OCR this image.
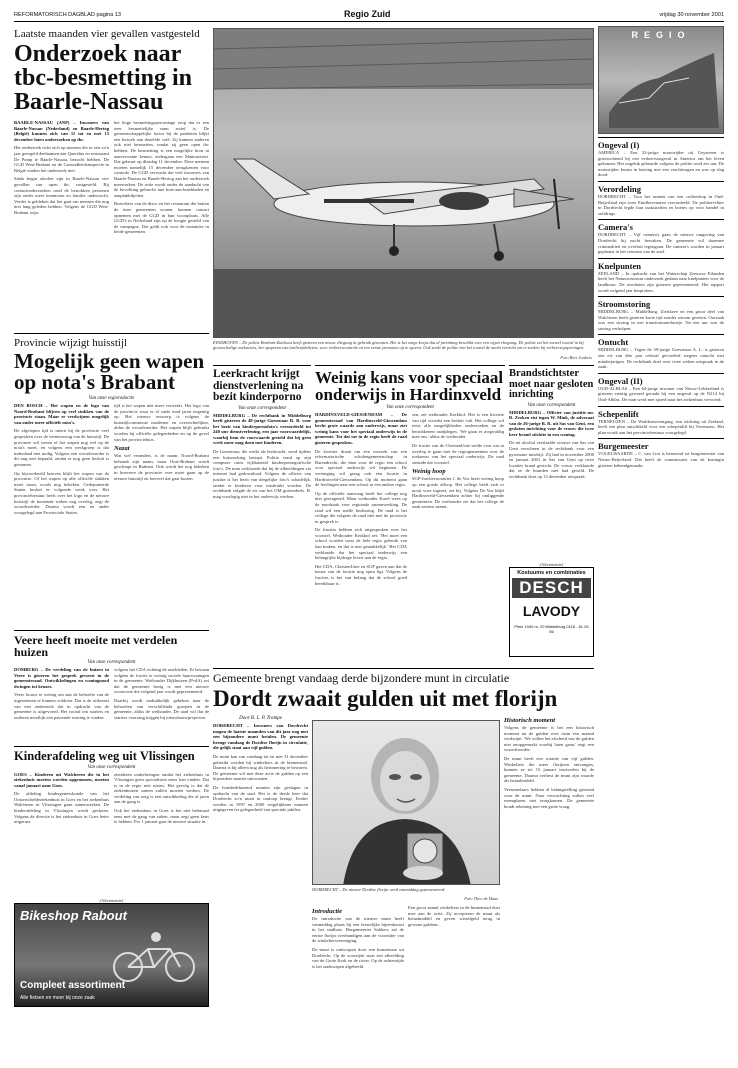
REFORMATORISCH DAGBLAD pagina 13	Regio Zuid	vrijdag 30 november 2001
Laatste maanden vier gevallen vastgesteld
Onderzoek naar tbc-besmetting in Baarle-Nassau

BAARLE-NASSAU (ANP) – Inwoners van Baarle-Nassau (Nederland) en Baarle-Hertog (België) kunnen zich van 11 tot en met 15 december laten onderzoeken op tbc.

Het onderzoek richt zich op mensen die in een zo'n jaar geregeld deelnamen aan Queridas en restaurant De Pomp te Baarle-Nassau, bezocht hebben. De GGD West-Brabant en de Gezondheidsinspectie in België vinden het onderzoek niet.

Sinds begin oktober zijn in Baarle-Nassau vier gevallen van open tbc vastgesteld. Bij contactonderzoeken rond de betrokken personen zijn onder meer kennissen en familie onderzocht. Verder is gebleken dat het gaat om mensen die nog niet lang geleden hebben. Volgens de GGD West-Brabant wijst

het hoge besmettingspercentage erop dat er een zeer besmettelijke stam actief is. De gemeenschappelijke factor bij de patiënten blijkt een bezoek aan dezelfde café. Zij kunnen anderen ook niet besmetten, omdat zij geen open tbc hebben. De besmetting is een mogelijke bron in aanverwante kennis, ondergaan een Mantouxtest. Dat gebeurt op dinsdag 11 december. Deze mensen moeten namelijk 15 december terugkomen voor controle. De GGD verwacht dat veel inwoners van Baarle-Nassau en Baarle-Hertog aan het onderzoek meewerken. De actie wordt onder de aandacht van de bevolking gebracht met huis-aan-huisbladen en aanplakbiljetten.

Bezoekers van de disco en het restaurant die buiten de twee gemeenten wonen, kunnen contact opnemen met de GGD in hun woonplaats. Alle GGD's in Nederland zijn op de hoogte gesteld van de campagne. Dat geldt ook voor de instanties in beide gemeenten.

EINDHOVEN – De politie Brabant-Zuidoost heeft gisteren een nieuw vliegtuig in gebruik genomen. Het is het enige korps dat al jarenlang beschikt over een eigen vliegtuig. De politie zet het toestel vooral in bij grootschalige zoekacties, het opsporen van (milieu)delicten, voor verkeerscontrole en ten eerste personen op te sporen. Ook zoekt de politie met het toestel de nacht verricht om te zoeken bij verkeersopsporingen.

Foto Bert Jonkers
Provincie wijzigt huisstijl
Mogelijk geen wapen op nota's Brabant
Van onze regioredactie

DEN BOSCH – Het wapen en de logo van Noord-Brabant blijven op veel stukken van de provincie staan. Maar er verdwijnen mogelijk van onder meer officiële nota's.

De afgelopen tijd is intern bij de provincie veel gesproken over de vernieuwing van de huisstijl. De provincie wil weten of het wapen nog wel op de nota's moet, en volgens een werkgroep is dat inderdaad niet nodig. Volgens een woordvoerder is dit nog niet bepaald, omdat er nog geen besluit is genomen.

Op bijvoorbeeld brieven blijft het wapen van de provincie. Of het wapen op alle officiële stukken moet staan, wordt nog bekeken. Gedeputeerde Staten besluit er volgende week over. Het provinciebestuur heeft over het logo en de nieuwe huisstijl de komende weken nog overleg, zegt de woordvoerder. Daarna wordt een en ander voorgelegd aan Provinciale Staten.

tijd is het wapen niet meer verwerkt. Het logo van de provincie staat er al sinds eind jaren negentig op. Het nieuwe ontwerp is volgens de huisstijlcommissie moderner en overzichtelijker, aldus de woordvoerder. Het wapen blijft gebruikt worden bij officiële gelegenheden en op de gevel van het provinciehuis.

Nazat

Wat wel verandert, is de naam. Noord-Brabant behoudt zijn naam, maar Oost-Brabant wordt geschrapt in Brabant. Ook wordt het nog bekeken in hoeverre de provincie over moet gaan op de nieuwe huisstijl en hoeveel dat gaat kosten.

Leerkracht krijgt dienstverlening na bezit kinderporno
Van onze correspondent

MIDDELBURG – De rechtbank in Middelburg heeft gisteren de 48-jarige Goesenaar R. B. voor het bezit van kinderpornofoto's veroordeeld tot 240 uur dienstverlening, een jaar voorwaardelijk, waarbij hem de voorwaarde gesteld dat hij geen werk meer mag doen met kinderen.

De Goesenaar, die werkt als leerkracht, werd tijdens een huiszoeking betrapt. Politie vond op zijn computer ruim vijfduizend kinderpornografische foto's. De man verklaarde dat hij de afbeeldingen via internet had gedownload. Volgens de officier van justitie is het bezit van dergelijke foto's schadelijk, omdat er kinderen voor misbruikt worden. De rechtbank volgde de eis van het OM grotendeels. B. mag voorlopig niet in het onderwijs werken.

Weinig kans voor speciaal onderwijs in Hardinxveld
Van onze correspondent

HARDINXVELD-GIESSENDAM – De gemeenteraad van Hardinxveld-Giessendam hecht grote waarde aan onderwijs, maar ziet weinig kans voor het speciaal onderwijs in de gemeente. Tot dat toe in de regio heeft de raad gisteren gesproken.

De kwestie draait om een verzoek van een reformatorische scholengemeenschap in Barendrecht, die daar voor de regio een school voor speciaal onderwijs wil beginnen. De vereniging wil graag ook een locatie in Hardinxveld-Giessendam. Op dit moment gaan de leerlingen naar een school in een andere regio.

Op de officiële aanvraag heeft het college nog niet gereageerd. Maar wethouder Karel wees op de noodzaak voor regionale samenwerking. De raad wil een snelle beslissing. De raad is het college die volgens de raad niet met de provincie in gesprek is.

De fracties hebben zich uitgesproken over het voorstel. Wethouder Kerkhof zei: 'Het moet een school worden waar de hele regio gebruik van kan maken, en dat is niet gemakkelijk.' Het CDA verklaarde dat het speciaal onderwijs een belangrijke bijdrage levert aan de regio.

Het CDA, ChristenUnie en SGP gaven aan dat de keuze van de locatie nog open ligt. Volgens de fracties is het van belang dat de school goed bereikbaar is.

sen, zei wethouder Kerkhof. Het is een kwestie van tijd voordat een besluit valt. Het college wil eerst alle mogelijkheden onderzoeken en de betrokkenen raadplegen. 'We gaan er zorgvuldig mee om,' aldus de wethouder.

De fractie van de ChristenUnie stelde voor om in overleg te gaan met de regiogemeenten over de toekomst van het speciaal onderwijs. De raad steunde dat voorstel.

Weinig hoop

SGP-fractievoorzitter J. de Vos heeft weinig hoop op een goede afloop. Het college heeft zich er nooit voor ingezet, zei hij. Volgens De Vos blijft Hardinxveld-Giessendam achter bij omliggende gemeenten. De wethouder zei dat het college de zaak serieus neemt.

Brandstichtster moet naar gesloten inrichting
Van onze correspondent

MIDDELBURG – Officier van justitie mr. R. Zeeken eist tegen W. Mink, de advocaat van de 26-jarige B. R. uit Sas van Gent, een gesloten inrichting voor de vrouw die twee keer brand stichtte in een woning.

De uit alcohol verslaafde vrouwe van Sas van Gent verscheen in de rechtbank voor een pyromane misdrijf. Zij had in november 2000 en januari 2001 in Sas van Gent op twee locaties brand gesticht. De vrouw verklaarde dat ze de branden niet had gewild. De rechtbank doet op 13 december uitspraak.

(Advertentie)
Kostuums en combinaties
DESCH
LAVODY
Plein 1940 nr. 20 Middelburg 0118 - 61 25 56
Veere heeft moeite met verdelen huizen
Van onze correspondent

DOMBURG – De verdeling van de huizen in Veere is gisteren het gesprek geweest in de gemeenteraad. Ontwikkelingen en woningnood dwingen tot keuzes.

Veere bouwt te weinig om aan de behoefte van de ingezetenen te kunnen voldoen. Dat is de uitkomst van een onderzoek dat in opdracht van de gemeente is uitgevoerd. Het vooral om starters en ouderen moeilijk een passende woning te vinden.

volgens het CDA richting de raadsleden. Er bestaan volgens de fractie te weinig sociale huurwoningen in de gemeente. Wethouder Dijkhuizen (PvdA) zei dat de gemeente bezig is met een nieuwe woonvisie die volgend jaar wordt gepresenteerd.

Daarbij wordt nadrukkelijk gekeken naar de behoeften van verschillende groepen in de gemeente, aldus de wethouder. De raad wil dat de starters voorrang krijgen bij nieuwbouwprojecten.

Kinderafdeling weg uit Vlissingen
Van onze correspondent

GOES – Kinderen uit Walcheren die in het ziekenhuis moeten worden opgenomen, moeten vanaf januari naar Goes.

De afdeling kindergeneeskunde van het Oosterscheldeziekenhuis in Goes en het ziekenhuis Walcheren in Vlissingen gaan samenwerken. De kinderafdeling in Vlissingen wordt gesloten. Volgens de directie is het ziekenhuis in Goes beter uitgerust.

zienderen onderbrengen omdat het ziekenhuis in Vlissingen geen specialisten meer kan vinden. Dat is in de regio niet nieuw. Het gevolg is dat de ziekenhuizen samen zullen moeten werken. De verdeling van zorg is een ontwikkeling die al jaren aan de gang is.

Ook het ziekenhuis in Goes is het niet helemaal eens met de gang van zaken, maar zegt geen keus te hebben. Per 1 januari gaat de nieuwe situatie in.

(Advertentie)
Bikeshop Rabout
Compleet assortiment
Alle fietsen en meer bij onze zaak
Gemeente brengt vandaag derde bijzondere munt in circulatie
Dordt zwaait gulden uit met florijn
Door B. L. P. Trampe

DORDRECHT – Inwoners van Dordrecht mogen de laatste maanden van dit jaar nog met een bijzondere munt betalen. De gemeente brengt vandaag de Dordtse florijn in circulatie, die gelijk staat aan vijf gulden.

De munt kan van vandaag tot en met 31 december gebruikt worden bij winkeliers in de binnenstad. Daarna is hij alleen nog als herinnering te bewaren. De gemeente wil met deze actie de gulden op een bijzondere manier uitzwaaien.

De honderdduizend munten zijn geslagen in opdracht van de stad. Het is de derde keer dat Dordrecht zo'n munt in omloop brengt. Eerder werden in 1997 en 2000 vergelijkbare munten uitgegeven ter gelegenheid van speciale jubilea.

DORDRECHT – De nieuwe Dordtse florijn werd vanmiddag gepresenteerd.

Foto Theo de Haas
Introductie

De introductie van de nieuwe munt heeft vanmiddag plaats bij een feestelijke bijeenkomst in het stadhuis. Burgemeester Sakkers zal de eerste florijn overhandigen aan de voorzitter van de winkeliersvereniging.

De munt is ontworpen door een kunstenaar uit Dordrecht. Op de voorzijde staat een afbeelding van de Grote Kerk en de rivier. Op de achterzijde is het stadswapen afgebeeld.

Een groot aantal winkeliers in de binnenstad doet mee aan de actie. Zij accepteren de munt als betaalmiddel en geven wisselgeld terug in gewone guldens.

Historisch moment

Volgens de gemeente is het een historisch moment nu de gulden over ruim een maand verdwijnt. 'We willen het afscheid van de gulden niet onopgemerkt voorbij laten gaan,' zegt een woordvoerder.

De munt heeft een waarde van vijf gulden. Winkeliers die meer florijnen ontvangen, kunnen ze tot 15 januari inwisselen bij de gemeente. Daarna verliest de munt zijn waarde als betaalmiddel.

Verzamelaars hebben al belangstelling getoond voor de munt. Naar verwachting zullen veel exemplaren niet terugkomen. De gemeente houdt rekening met een grote vraag.

REGIO
Ongeval (I)

AMERICA – Een 32-jarige motorrijder uit Geysteren is gisterochtend bij een verkeersongeval in America om het leven gekomen. Het ongeluk gebeurde volgens de politie rond zes uur. De motorrijder kwam in botsing met een vrachtwagen en was op slag dood.

Verordeling

DORDRECHT – Voor het runnen van een coffeeshop in Oud-Beijerland zijn twee Eindhovenaren veroordeeld. De politierechter in Dordrecht legde hun taakstraffen en boetes op voor handel in softdrugs.

Camera's

DORDRECHT – Vijf camera's gaan de nieuwe omgeving van Dordrecht bij nacht bewaken. De gemeente wil daarmee criminaliteit en overlast tegengaan. De camera's worden in januari geplaatst in het centrum van de stad.

Knelpunten

ZEELAND – In opdracht van het Waterschap Zeeuwse Eilanden heeft het Natuurcentrum onderzoek gedaan naar knelpunten voor de landbouw. De resultaten zijn gisteren gepresenteerd. Het rapport wordt volgend jaar besproken.

Stroomstoring

MIDDELBURG – Middelburg, Zierikzee en een groot deel van Walcheren heeft gisteren korte tijd zonder stroom gezeten. Oorzaak was een storing in een transformatorhuisje. Na een uur was de storing verholpen.

Ontucht

MIDDELBURG – Tegen de 39-jarige Goesenaar A. L. is gisteren een eis van drie jaar celstraf gevorderd wegens ontucht met minderjarigen. De rechtbank doet over twee weken uitspraak in de zaak.

Ongeval (II)

OUD-ALBLAS – Een 64-jarige inwoner van Nieuw-Lekkerland is gisteren ernstig gewond geraakt bij een ongeval op de N214 bij Oud-Alblas. De man werd met spoed naar het ziekenhuis vervoerd.

Schepenlift

TERNEUZEN – De Waddenvereniging, een stichting uit Zeeland, heeft een plan ontwikkeld voor een schepenlift bij Terneuzen. Het plan wordt aan het provinciebestuur voorgelegd.

Burgemeester

VOGELWAARDE – C. van Lint is benoemd tot burgemeester van Nieuw-Beijerland. Dat heeft de commissaris van de koningin gisteren bekendgemaakt.
